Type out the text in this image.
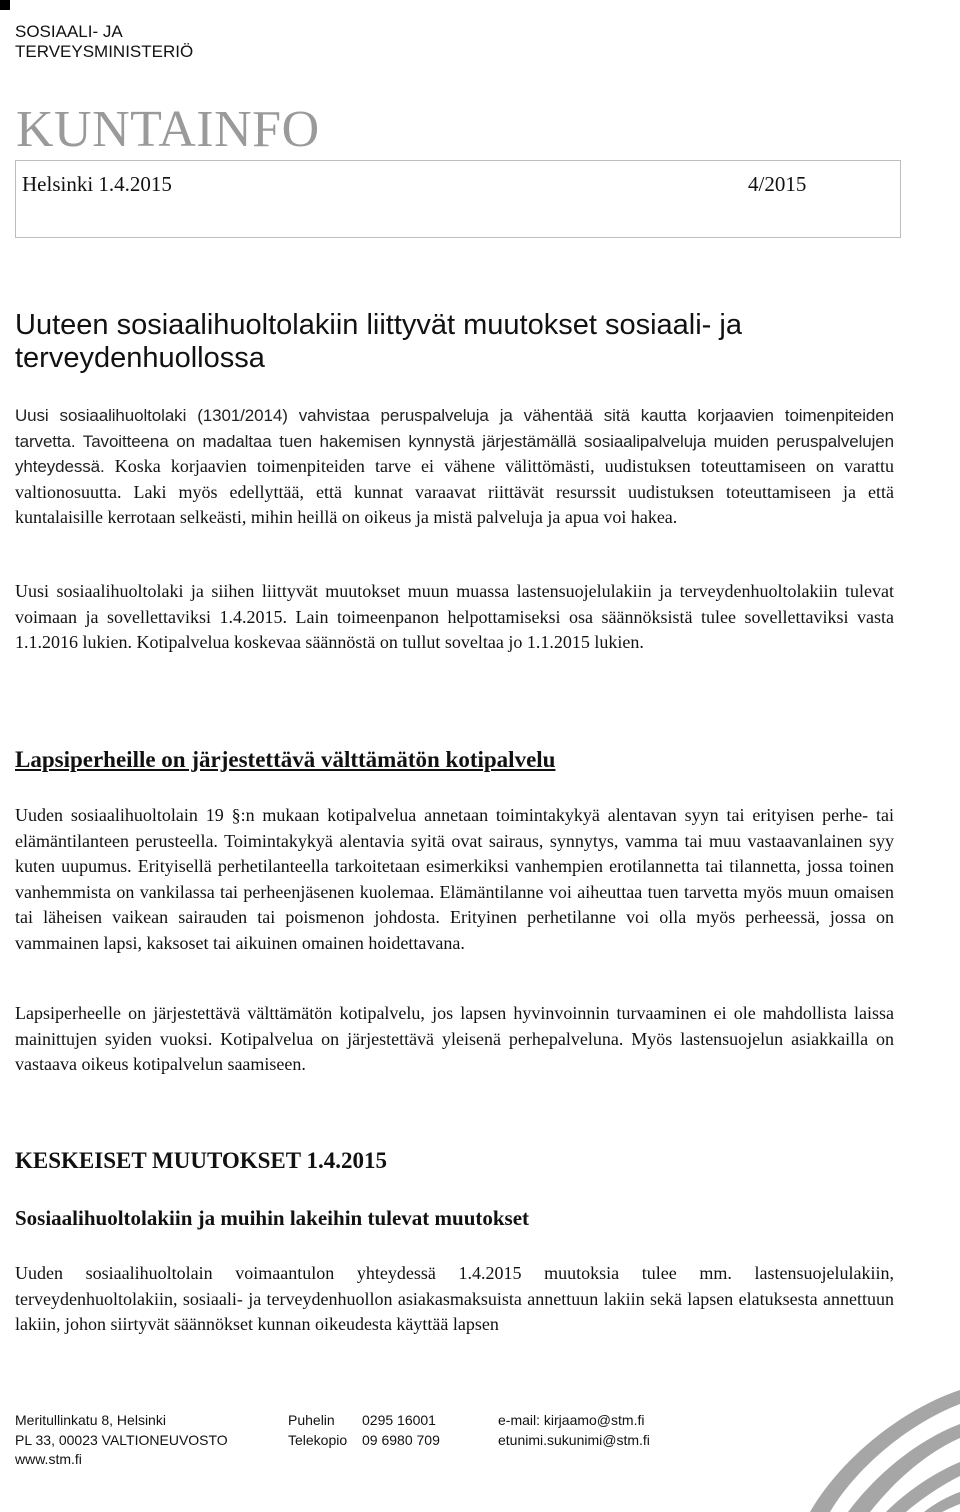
SOSIAALI- JA
TERVEYSMINISTERIÖ
KUNTAINFO
Helsinki 1.4.2015	4/2015
Uuteen sosiaalihuoltolakiin liittyvät muutokset sosiaali- ja
terveydenhuollossa

Uusi sosiaalihuoltolaki (1301/2014) vahvistaa peruspalveluja ja vähentää sitä kautta korjaavien toimenpiteiden tarvetta. Tavoitteena on madaltaa tuen hakemisen kynnystä järjestämällä sosiaalipalveluja muiden peruspalvelujen yhteydessä. Koska korjaavien toimenpiteiden tarve ei vähene välittömästi, uudistuksen toteuttamiseen on varattu valtionosuutta. Laki myös edellyttää, että kunnat varaavat riittävät resurssit uudistuksen toteuttamiseen ja että kuntalaisille kerrotaan selkeästi, mihin heillä on oikeus ja mistä palveluja ja apua voi hakea.

Uusi sosiaalihuoltolaki ja siihen liittyvät muutokset muun muassa lastensuojelulakiin ja terveydenhuoltolakiin tulevat voimaan ja sovellettaviksi 1.4.2015. Lain toimeenpanon helpottamiseksi osa säännöksistä tulee sovellettaviksi vasta 1.1.2016 lukien. Kotipalvelua koskevaa säännöstä on tullut soveltaa jo 1.1.2015 lukien.

Lapsiperheille on järjestettävä välttämätön kotipalvelu

Uuden sosiaalihuoltolain 19 §:n mukaan kotipalvelua annetaan toimintakykyä alentavan syyn tai erityisen perhe- tai elämäntilanteen perusteella. Toimintakykyä alentavia syitä ovat sairaus, synnytys, vamma tai muu vastaavanlainen syy kuten uupumus. Erityisellä perhetilanteella tarkoitetaan esimerkiksi vanhempien erotilannetta tai tilannetta, jossa toinen vanhemmista on vankilassa tai perheenjäsenen kuolemaa. Elämäntilanne voi aiheuttaa tuen tarvetta myös muun omaisen tai läheisen vaikean sairauden tai poismenon johdosta. Erityinen perhetilanne voi olla myös perheessä, jossa on vammainen lapsi, kaksoset tai aikuinen omainen hoidettavana.

Lapsiperheelle on järjestettävä välttämätön kotipalvelu, jos lapsen hyvinvoinnin turvaaminen ei ole mahdollista laissa mainittujen syiden vuoksi. Kotipalvelua on järjestettävä yleisenä perhepalveluna. Myös lastensuojelun asiakkailla on vastaava oikeus kotipalvelun saamiseen.

KESKEISET MUUTOKSET 1.4.2015
Sosiaalihuoltolakiin ja muihin lakeihin tulevat muutokset

Uuden sosiaalihuoltolain voimaantulon yhteydessä 1.4.2015 muutoksia tulee mm. lastensuojelulakiin, terveydenhuoltolakiin, sosiaali- ja terveydenhuollon asiakasmaksuista annettuun lakiin sekä lapsen elatuksesta annettuun lakiin, johon siirtyvät säännökset kunnan oikeudesta käyttää lapsen

Meritullinkatu 8, Helsinki
PL 33, 00023 VALTIONEUVOSTO
www.stm.fi
Puhelin 0295 16001
Telekopio 09 6980 709
e-mail: kirjaamo@stm.fi
etunimi.sukunimi@stm.fi
